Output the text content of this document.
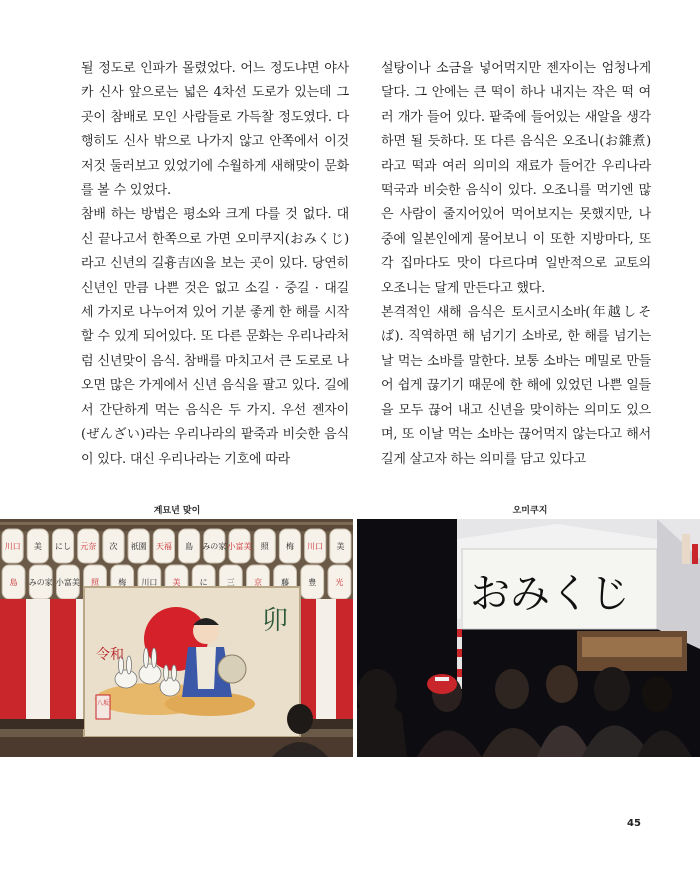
될 정도로 인파가 몰렸었다. 어느 정도냐면 야사카 신사 앞으로는 넓은 4차선 도로가 있는데 그 곳이 참배로 모인 사람들로 가득찰 정도였다. 다행히도 신사 밖으로 나가지 않고 안쪽에서 이것저것 둘러보고 있었기에 수월하게 새해맞이 문화를 볼 수 있었다.

참배 하는 방법은 평소와 크게 다를 것 없다. 대신 끝나고서 한쪽으로 가면 오미쿠지(おみくじ)라고 신년의 길흉吉凶을 보는 곳이 있다. 당연히 신년인 만큼 나쁜 것은 없고 소길 · 중길 · 대길 세 가지로 나누어져 있어 기분 좋게 한 해를 시작할 수 있게 되어있다. 또 다른 문화는 우리나라처럼 신년맞이 음식. 참배를 마치고서 큰 도로로 나오면 많은 가게에서 신년 음식을 팔고 있다. 길에서 간단하게 먹는 음식은 두 가지. 우선 젠자이(ぜんざい)라는 우리나라의 팥죽과 비슷한 음식이 있다. 대신 우리나라는 기호에 따라

설탕이나 소금을 넣어먹지만 젠자이는 엄청나게 달다. 그 안에는 큰 떡이 하나 내지는 작은 떡 여러 개가 들어 있다. 팥죽에 들어있는 새알을 생각하면 될 듯하다. 또 다른 음식은 오조니(お雜煮)라고 떡과 여러 의미의 재료가 들어간 우리나라 떡국과 비슷한 음식이 있다. 오조니를 먹기엔 많은 사람이 줄지어있어 먹어보지는 못했지만, 나중에 일본인에게 물어보니 이 또한 지방마다, 또 각 집마다도 맛이 다르다며 일반적으로 교토의 오조니는 달게 만든다고 했다.

본격적인 새해 음식은 토시코시소바(年越しそば). 직역하면 해 넘기기 소바로, 한 해를 넘기는 날 먹는 소바를 말한다. 보통 소바는 메밀로 만들어 쉽게 끊기기 때문에 한 해에 있었던 나쁜 일들을 모두 끊어 내고 신년을 맞이하는 의미도 있으며, 또 이날 먹는 소바는 끊어먹지 않는다고 해서 길게 살고자 하는 의미를 담고 있다고

계묘년 맞이	오미쿠지
川口 美 にし 元奈 次 祇園 天福 島 みの家 小富美 照 梅 川口 美
島 みの家 小富美 照 梅 川口 美 に 三 京 藤 豊 光
令和
卯
八坂
おみくじ
45
